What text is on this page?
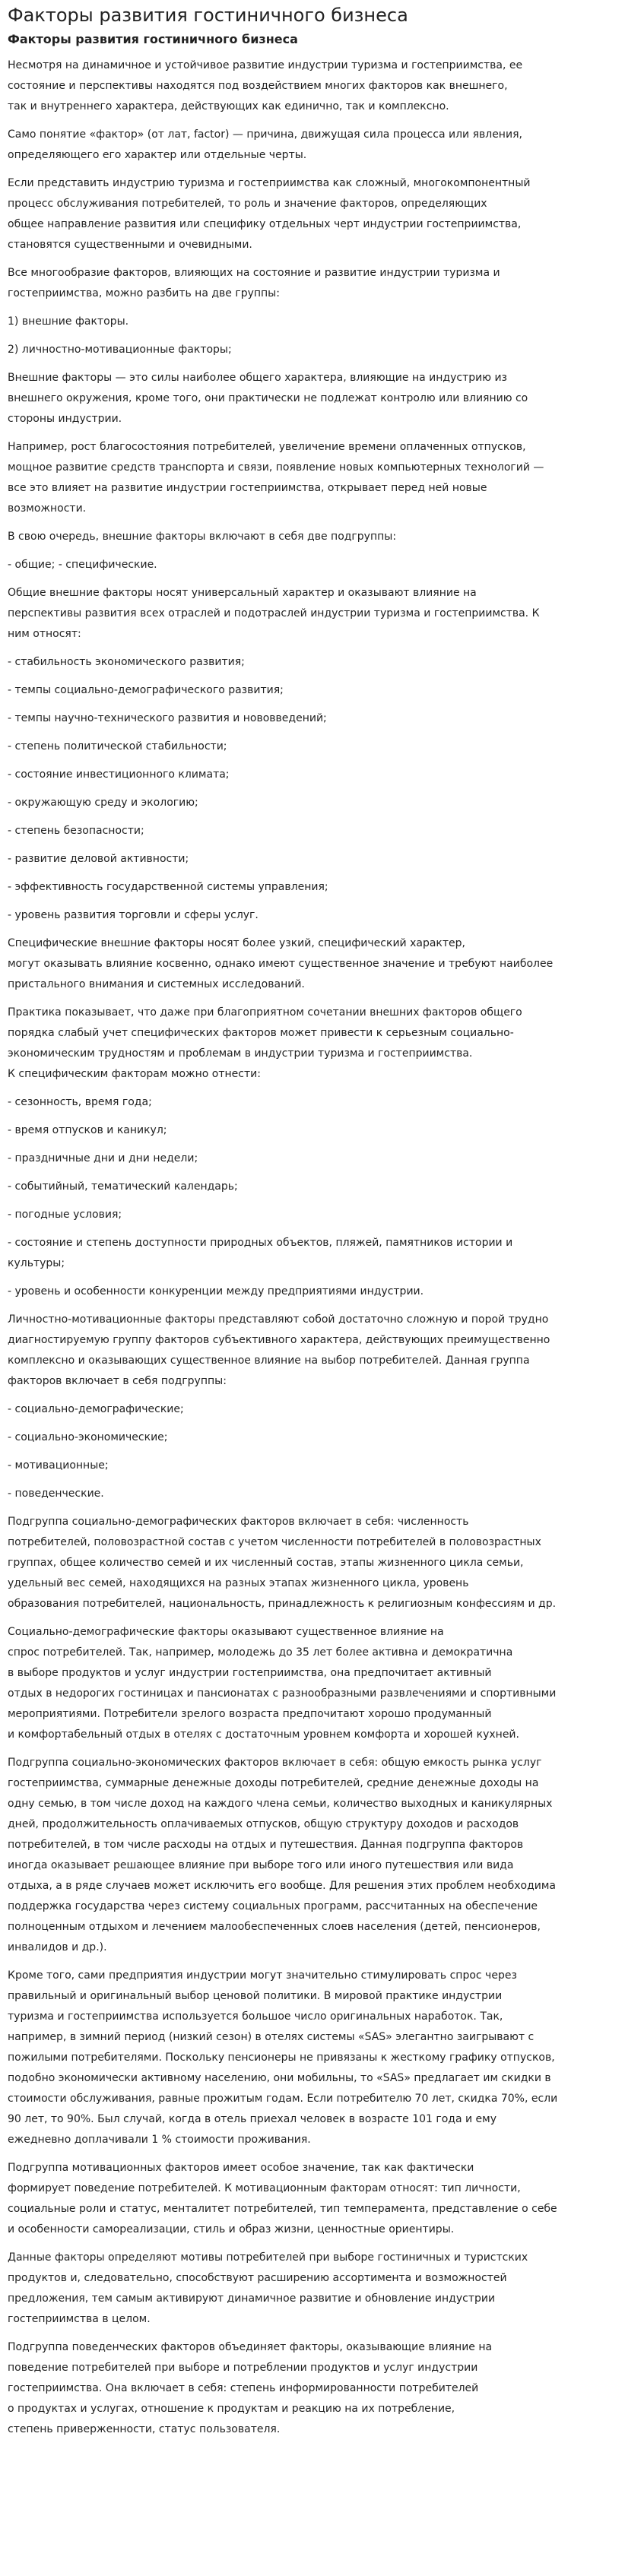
Факторы развития гостиничного бизнеса
Факторы развития гостиничного бизнеса

Несмотря на динамичное и устойчивое развитие индустрии туризма и гостеприимства, ее
состояние и перспективы находятся под воздействием многих факторов как внешнего,
так и внутреннего характера, действующих как единично, так и комплексно.

Само понятие «фактор» (от лат, factor) — причина, движущая сила процесса или явления,
определяющего его характер или отдельные черты.

Если представить индустрию туризма и гостеприимства как сложный, многокомпонентный
процесс обслуживания потребителей, то роль и значение факторов, определяющих
общее направление развития или специфику отдельных черт индустрии гостеприимства,
становятся существенными и очевидными.

Все многообразие факторов, влияющих на состояние и развитие индустрии туризма и
гостеприимства, можно разбить на две группы:

1) внешние факторы.

2) личностно-мотивационные факторы;

Внешние факторы — это силы наиболее общего характера, влияющие на индустрию из
внешнего окружения, кроме того, они практически не подлежат контролю или влиянию со
стороны индустрии.

Например, рост благосостояния потребителей, увеличение времени оплаченных отпусков,
мощное развитие средств транспорта и связи, появление новых компьютерных технологий —
все это влияет на развитие индустрии гостеприимства, открывает перед ней новые
возможности.

В свою очередь, внешние факторы включают в себя две подгруппы:

- общие; - специфические.

Общие внешние факторы носят универсальный характер и оказывают влияние на
перспективы развития всех отраслей и подотраслей индустрии туризма и гостеприимства. К
ним относят:

- стабильность экономического развития;

- темпы социально-демографического развития;

- темпы научно-технического развития и нововведений;

- степень политической стабильности;

- состояние инвестиционного климата;

- окружающую среду и экологию;

- степень безопасности;

- развитие деловой активности;

- эффективность государственной системы управления;

- уровень развития торговли и сферы услуг.

Специфические внешние факторы носят более узкий, специфический характер,
могут оказывать влияние косвенно, однако имеют существенное значение и требуют наиболее
пристального внимания и системных исследований.

Практика показывает, что даже при благоприятном сочетании внешних факторов общего
порядка слабый учет специфических факторов может привести к серьезным социально-
экономическим трудностям и проблемам в индустрии туризма и гостеприимства.
К специфическим факторам можно отнести:

- сезонность, время года;

- время отпусков и каникул;

- праздничные дни и дни недели;

- событийный, тематический календарь;

- погодные условия;

- состояние и степень доступности природных объектов, пляжей, памятников истории и
культуры;

- уровень и особенности конкуренции между предприятиями индустрии.

Личностно-мотивационные факторы представляют собой достаточно сложную и порой трудно
диагностируемую группу факторов субъективного характера, действующих преимущественно
комплексно и оказывающих существенное влияние на выбор потребителей. Данная группа
факторов включает в себя подгруппы:

- социально-демографические;

- социально-экономические;

- мотивационные;

- поведенческие.

Подгруппа социально-демографических факторов включает в себя: численность
потребителей, половозрастной состав с учетом численности потребителей в половозрастных
группах, общее количество семей и их численный состав, этапы жизненного цикла семьи,
удельный вес семей, находящихся на разных этапах жизненного цикла, уровень
образования потребителей, национальность, принадлежность к религиозным конфессиям и др.

Социально-демографические факторы оказывают существенное влияние на
спрос потребителей. Так, например, молодежь до 35 лет более активна и демократична
в выборе продуктов и услуг индустрии гостеприимства, она предпочитает активный
отдых в недорогих гостиницах и пансионатах с разнообразными развлечениями и спортивными
мероприятиями. Потребители зрелого возраста предпочитают хорошо продуманный
и комфортабельный отдых в отелях с достаточным уровнем комфорта и хорошей кухней.

Подгруппа социально-экономических факторов включает в себя: общую емкость рынка услуг
гостеприимства, суммарные денежные доходы потребителей, средние денежные доходы на
одну семью, в том числе доход на каждого члена семьи, количество выходных и каникулярных
дней, продолжительность оплачиваемых отпусков, общую структуру доходов и расходов
потребителей, в том числе расходы на отдых и путешествия. Данная подгруппа факторов
иногда оказывает решающее влияние при выборе того или иного путешествия или вида
отдыха, а в ряде случаев может исключить его вообще. Для решения этих проблем необходима
поддержка государства через систему социальных программ, рассчитанных на обеспечение
полноценным отдыхом и лечением малообеспеченных слоев населения (детей, пенсионеров,
инвалидов и др.).

Кроме того, сами предприятия индустрии могут значительно стимулировать спрос через
правильный и оригинальный выбор ценовой политики. В мировой практике индустрии
туризма и гостеприимства используется большое число оригинальных наработок. Так,
например, в зимний период (низкий сезон) в отелях системы «SAS» элегантно заигрывают с
пожилыми потребителями. Поскольку пенсионеры не привязаны к жесткому графику отпусков,
подобно экономически активному населению, они мобильны, то «SAS» предлагает им скидки в
стоимости обслуживания, равные прожитым годам. Если потребителю 70 лет, скидка 70%, если
90 лет, то 90%. Был случай, когда в отель приехал человек в возрасте 101 года и ему
ежедневно доплачивали 1 % стоимости проживания.

Подгруппа мотивационных факторов имеет особое значение, так как фактически
формирует поведение потребителей. К мотивационным факторам относят: тип личности,
социальные роли и статус, менталитет потребителей, тип темперамента, представление о себе
и особенности самореализации, стиль и образ жизни, ценностные ориентиры.

Данные факторы определяют мотивы потребителей при выборе гостиничных и туристских
продуктов и, следовательно, способствуют расширению ассортимента и возможностей
предложения, тем самым активируют динамичное развитие и обновление индустрии
гостеприимства в целом.

Подгруппа поведенческих факторов объединяет факторы, оказывающие влияние на
поведение потребителей при выборе и потреблении продуктов и услуг индустрии
гостеприимства. Она включает в себя: степень информированности потребителей
о продуктах и услугах, отношение к продуктам и реакцию на их потребление,
степень приверженности, статус пользователя.
